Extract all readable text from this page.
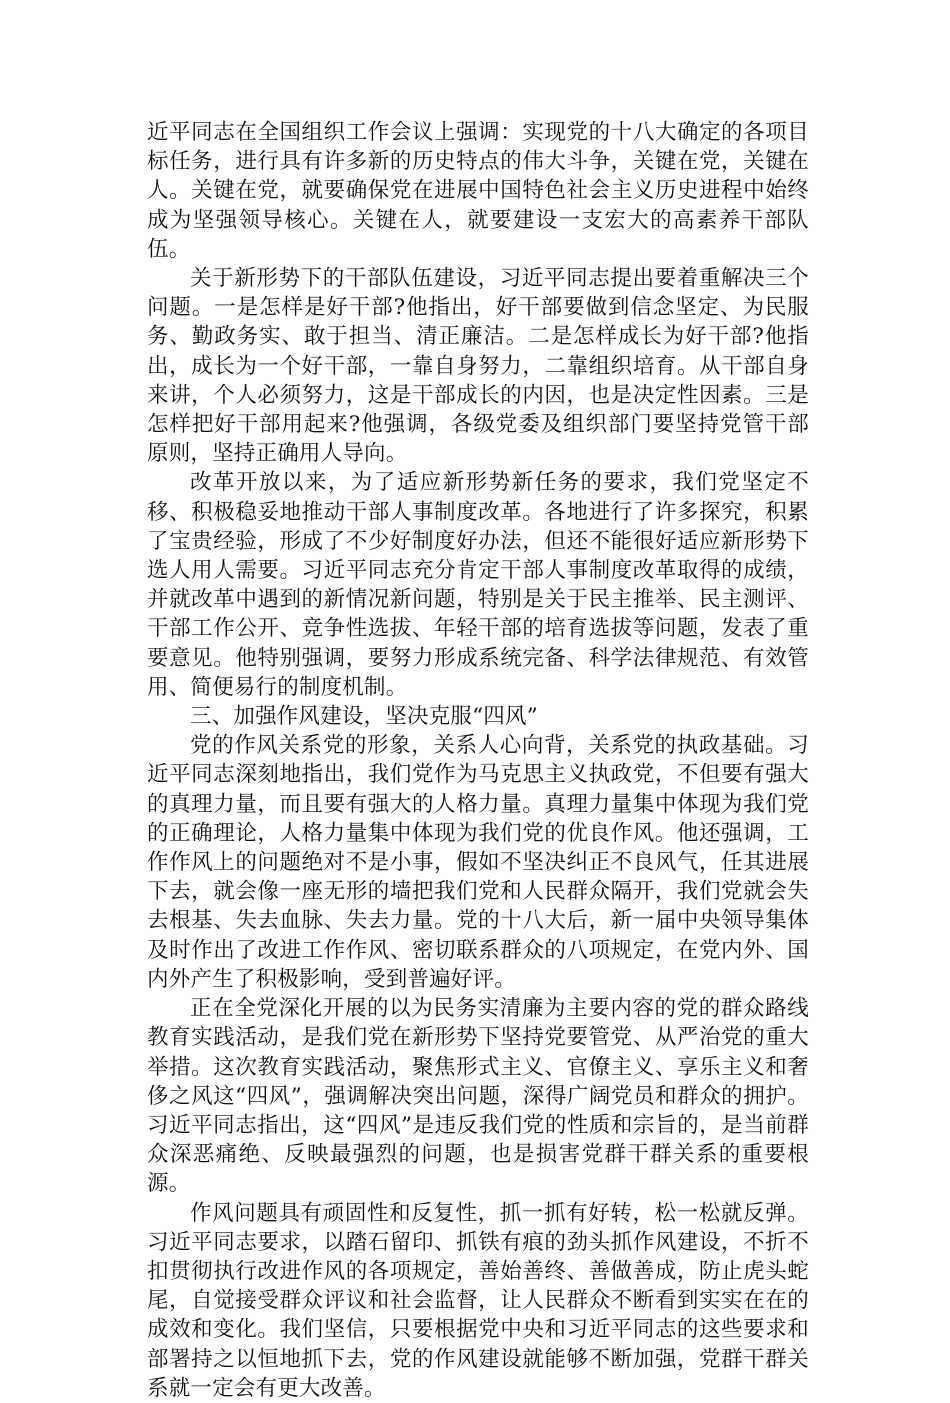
近平同志在全国组织工作会议上强调：实现党的十八大确定的各项目标任务，进行具有许多新的历史特点的伟大斗争，关键在党，关键在人。关键在党，就要确保党在进展中国特色社会主义历史进程中始终成为坚强领导核心。关键在人，就要建设一支宏大的高素养干部队伍。

关于新形势下的干部队伍建设，习近平同志提出要着重解决三个问题。一是怎样是好干部?他指出，好干部要做到信念坚定、为民服务、勤政务实、敢于担当、清正廉洁。二是怎样成长为好干部?他指出，成长为一个好干部，一靠自身努力，二靠组织培育。从干部自身来讲，个人必须努力，这是干部成长的内因，也是决定性因素。三是怎样把好干部用起来?他强调，各级党委及组织部门要坚持党管干部原则，坚持正确用人导向。

改革开放以来，为了适应新形势新任务的要求，我们党坚定不移、积极稳妥地推动干部人事制度改革。各地进行了许多探究，积累了宝贵经验，形成了不少好制度好办法，但还不能很好适应新形势下选人用人需要。习近平同志充分肯定干部人事制度改革取得的成绩，并就改革中遇到的新情况新问题，特别是关于民主推举、民主测评、干部工作公开、竞争性选拔、年轻干部的培育选拔等问题，发表了重要意见。他特别强调，要努力形成系统完备、科学法律规范、有效管用、简便易行的制度机制。

三、加强作风建设，坚决克服“四风”

党的作风关系党的形象，关系人心向背，关系党的执政基础。习近平同志深刻地指出，我们党作为马克思主义执政党，不但要有强大的真理力量，而且要有强大的人格力量。真理力量集中体现为我们党的正确理论，人格力量集中体现为我们党的优良作风。他还强调，工作作风上的问题绝对不是小事，假如不坚决纠正不良风气，任其进展下去，就会像一座无形的墙把我们党和人民群众隔开，我们党就会失去根基、失去血脉、失去力量。党的十八大后，新一届中央领导集体及时作出了改进工作作风、密切联系群众的八项规定，在党内外、国内外产生了积极影响，受到普遍好评。

正在全党深化开展的以为民务实清廉为主要内容的党的群众路线教育实践活动，是我们党在新形势下坚持党要管党、从严治党的重大举措。这次教育实践活动，聚焦形式主义、官僚主义、享乐主义和奢侈之风这“四风”，强调解决突出问题，深得广阔党员和群众的拥护。习近平同志指出，这“四风”是违反我们党的性质和宗旨的，是当前群众深恶痛绝、反映最强烈的问题，也是损害党群干群关系的重要根源。

作风问题具有顽固性和反复性，抓一抓有好转，松一松就反弹。习近平同志要求，以踏石留印、抓铁有痕的劲头抓作风建设，不折不扣贯彻执行改进作风的各项规定，善始善终、善做善成，防止虎头蛇尾，自觉接受群众评议和社会监督，让人民群众不断看到实实在在的成效和变化。我们坚信，只要根据党中央和习近平同志的这些要求和部署持之以恒地抓下去，党的作风建设就能够不断加强，党群干群关系就一定会有更大改善。
